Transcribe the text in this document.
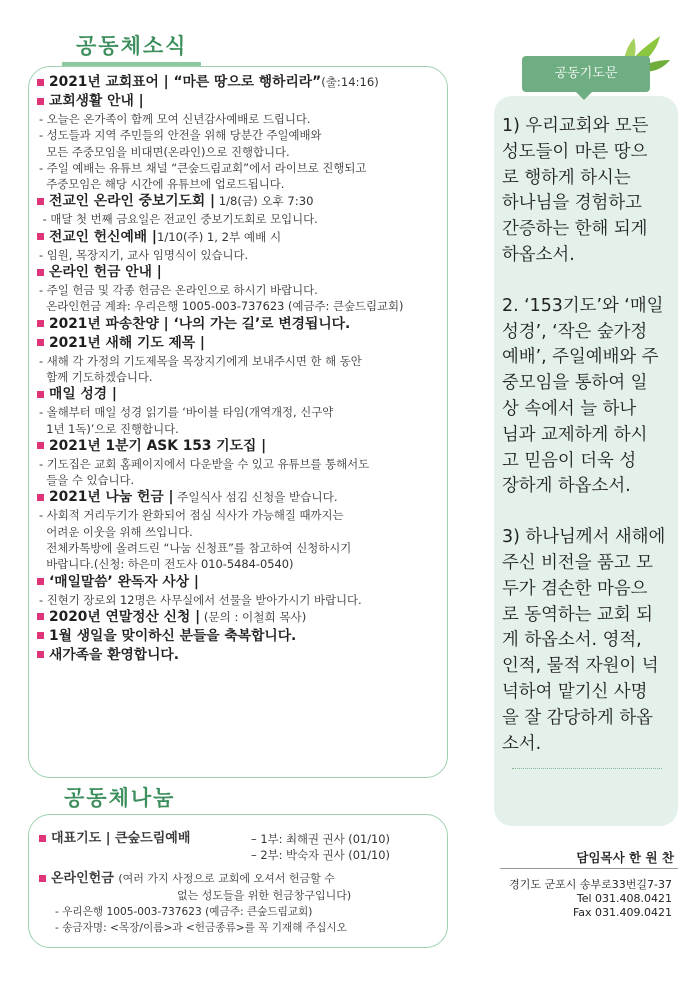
공동체소식
2021년 교회표어 | “마른 땅으로 행하리라”(출:14:16)
교회생활 안내 |
- 오늘은 온가족이 함께 모여 신년감사예배로 드립니다.
- 성도들과 지역 주민들의 안전을 위해 당분간 주일예배와
모든 주중모임을 비대면(온라인)으로 진행합니다.
- 주일 예배는 유튜브 채널 “큰숲드림교회”에서 라이브로 진행되고
주중모임은 해당 시간에 유튜브에 업로드됩니다.
전교인 온라인 중보기도회 | 1/8(금) 오후 7:30
- 매달 첫 번째 금요일은 전교인 중보기도회로 모입니다.
전교인 헌신예배 |1/10(주) 1, 2부 예배 시
- 임원, 목장지기, 교사 임명식이 있습니다.
온라인 헌금 안내 |
- 주일 헌금 및 각종 헌금은 온라인으로 하시기 바랍니다.
온라인헌금 계좌: 우리은행 1005-003-737623 (예금주: 큰숲드림교회)
2021년 파송찬양 | ‘나의 가는 길’로 변경됩니다.
2021년 새해 기도 제목 |
- 새해 각 가정의 기도제목을 목장지기에게 보내주시면 한 해 동안
함께 기도하겠습니다.
매일 성경 |
- 올해부터 매일 성경 읽기를 ‘바이블 타임(개역개정, 신구약
1년 1독)’으로 진행합니다.
2021년 1분기 ASK 153 기도집 |
- 기도집은 교회 홈페이지에서 다운받을 수 있고 유튜브를 통해서도
들을 수 있습니다.
2021년 나눔 헌금 | 주일식사 섬김 신청을 받습니다.
- 사회적 거리두기가 완화되어 점심 식사가 가능해질 때까지는
어려운 이웃을 위해 쓰입니다.
전체카톡방에 올려드린 “나눔 신청표”를 참고하여 신청하시기
바랍니다.(신청: 하은미 전도사 010-5484-0540)
‘매일말씀’ 완독자 사상 |
- 진현기 장로외 12명은 사무실에서 선물을 받아가시기 바랍니다.
2020년 연말정산 신청 | (문의 : 이철희 목사)
1월 생일을 맞이하신 분들을 축복합니다.
새가족을 환영합니다.
공동체나눔
대표기도 | 큰숲드림예배	– 1부: 최해권 권사 (01/10)
– 2부: 박숙자 권사 (01/10)
온라인헌금 (여러 가지 사정으로 교회에 오셔서 헌금할 수
없는 성도들을 위한 헌금창구입니다)
- 우리은행 1005-003-737623 (예금주: 큰숲드림교회)
- 송금자명: <목장/이름>과 <헌금종류>를 꼭 기재해 주십시오
공동기도문

1) 우리교회와 모든
성도들이 마른 땅으
로 행하게 하시는
하나님을 경험하고
간증하는 한해 되게
하옵소서.

2. ‘153기도’와 ‘매일
성경’, ‘작은 숲가정
예배’, 주일예배와 주
중모임을 통하여 일
상 속에서 늘 하나
님과 교제하게 하시
고 믿음이 더욱 성
장하게 하옵소서.

3) 하나님께서 새해에
주신 비전을 품고 모
두가 겸손한 마음으
로 동역하는 교회 되
게 하옵소서. 영적,
인적, 물적 자원이 넉
넉하여 맡기신 사명
을 잘 감당하게 하옵
소서.

담임목사 한 원 찬
경기도 군포시 송부로33번길7-37
Tel 031.408.0421
Fax 031.409.0421
